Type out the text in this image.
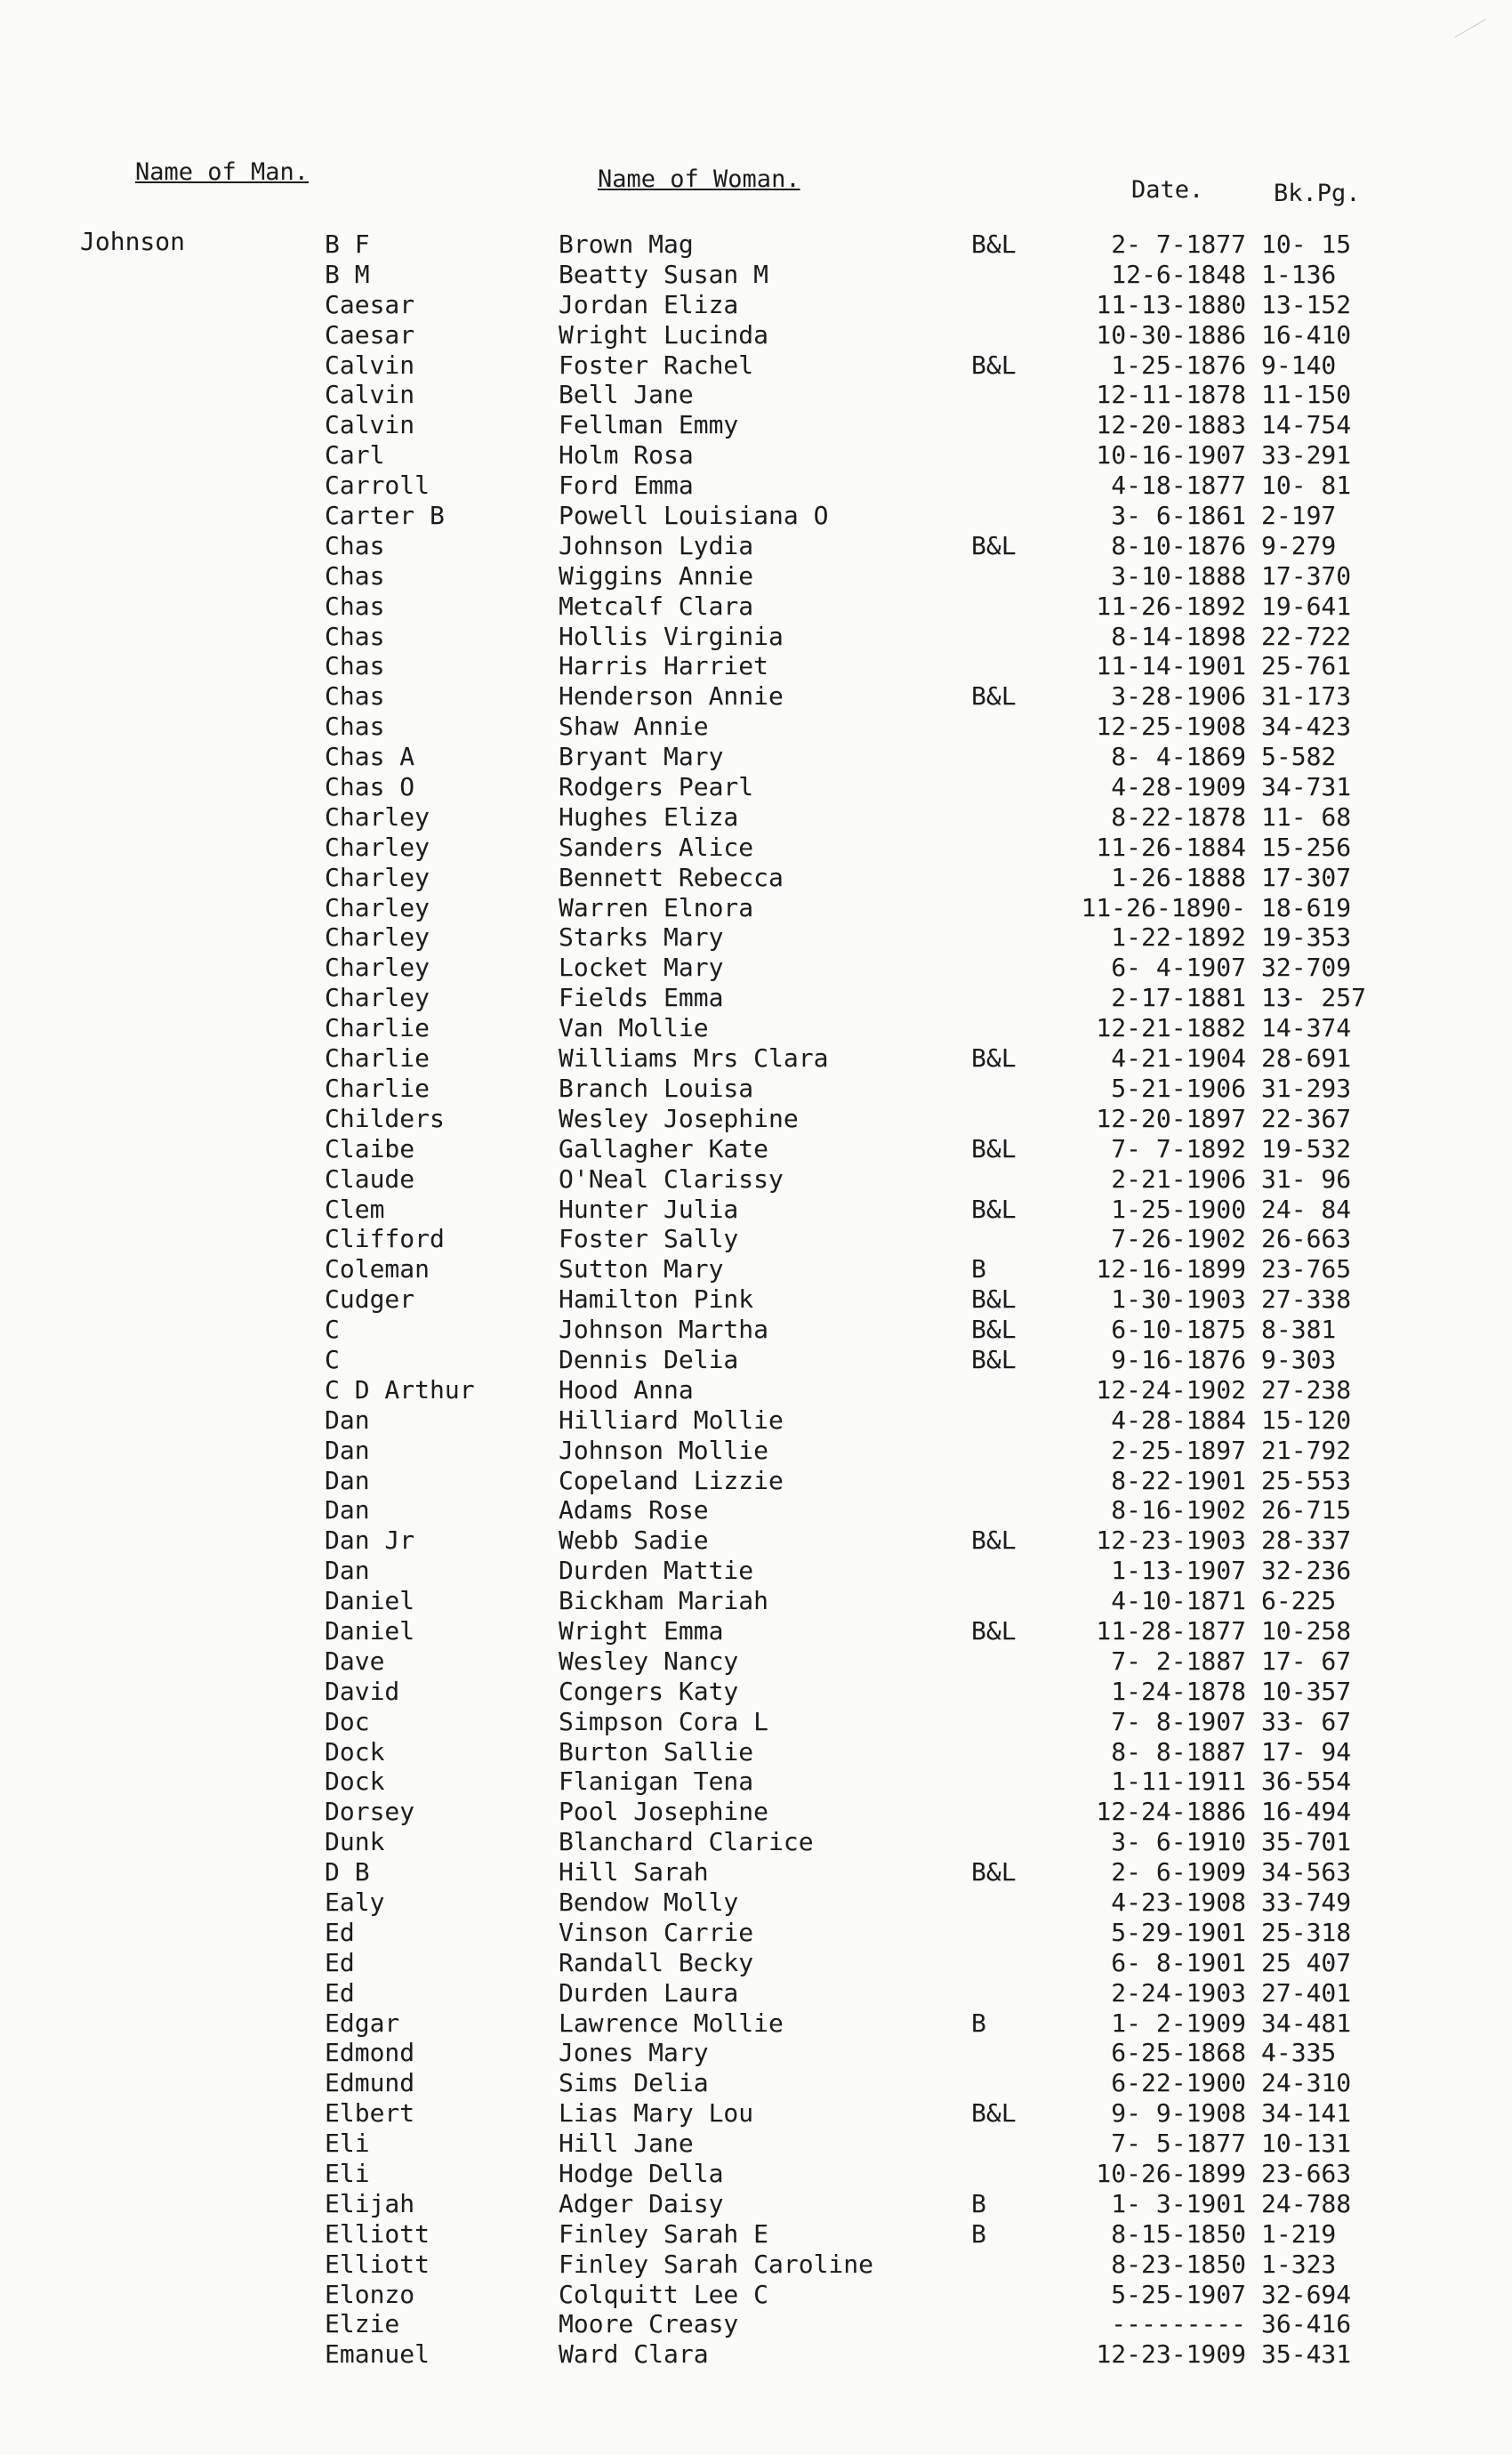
Name of Man.	Name of Woman.	Date.	Bk.Pg.
Johnson	B F	Brown Mag	B&L	2- 7-1877 10- 15
B M	Beatty Susan M	12-6-1848 1-136
Caesar	Jordan Eliza	11-13-1880 13-152
Caesar	Wright Lucinda	10-30-1886 16-410
Calvin	Foster Rachel	B&L	1-25-1876 9-140
Calvin	Bell Jane	12-11-1878 11-150
Calvin	Fellman Emmy	12-20-1883 14-754
Carl	Holm Rosa	10-16-1907 33-291
Carroll	Ford Emma	4-18-1877 10- 81
Carter B	Powell Louisiana O	3- 6-1861 2-197
Chas	Johnson Lydia	B&L	8-10-1876 9-279
Chas	Wiggins Annie	3-10-1888 17-370
Chas	Metcalf Clara	11-26-1892 19-641
Chas	Hollis Virginia	8-14-1898 22-722
Chas	Harris Harriet	11-14-1901 25-761
Chas	Henderson Annie	B&L	3-28-1906 31-173
Chas	Shaw Annie	12-25-1908 34-423
Chas A	Bryant Mary	8- 4-1869 5-582
Chas O	Rodgers Pearl	4-28-1909 34-731
Charley	Hughes Eliza	8-22-1878 11- 68
Charley	Sanders Alice	11-26-1884 15-256
Charley	Bennett Rebecca	1-26-1888 17-307
Charley	Warren Elnora	11-26-1890- 18-619
Charley	Starks Mary	1-22-1892 19-353
Charley	Locket Mary	6- 4-1907 32-709
Charley	Fields Emma	2-17-1881 13- 257
Charlie	Van Mollie	12-21-1882 14-374
Charlie	Williams Mrs Clara	B&L	4-21-1904 28-691
Charlie	Branch Louisa	5-21-1906 31-293
Childers	Wesley Josephine	12-20-1897 22-367
Claibe	Gallagher Kate	B&L	7- 7-1892 19-532
Claude	O'Neal Clarissy	2-21-1906 31- 96
Clem	Hunter Julia	B&L	1-25-1900 24- 84
Clifford	Foster Sally	7-26-1902 26-663
Coleman	Sutton Mary	B	12-16-1899 23-765
Cudger	Hamilton Pink	B&L	1-30-1903 27-338
C	Johnson Martha	B&L	6-10-1875 8-381
C	Dennis Delia	B&L	9-16-1876 9-303
C D Arthur	Hood Anna	12-24-1902 27-238
Dan	Hilliard Mollie	4-28-1884 15-120
Dan	Johnson Mollie	2-25-1897 21-792
Dan	Copeland Lizzie	8-22-1901 25-553
Dan	Adams Rose	8-16-1902 26-715
Dan Jr	Webb Sadie	B&L	12-23-1903 28-337
Dan	Durden Mattie	1-13-1907 32-236
Daniel	Bickham Mariah	4-10-1871 6-225
Daniel	Wright Emma	B&L	11-28-1877 10-258
Dave	Wesley Nancy	7- 2-1887 17- 67
David	Congers Katy	1-24-1878 10-357
Doc	Simpson Cora L	7- 8-1907 33- 67
Dock	Burton Sallie	8- 8-1887 17- 94
Dock	Flanigan Tena	1-11-1911 36-554
Dorsey	Pool Josephine	12-24-1886 16-494
Dunk	Blanchard Clarice	3- 6-1910 35-701
D B	Hill Sarah	B&L	2- 6-1909 34-563
Ealy	Bendow Molly	4-23-1908 33-749
Ed	Vinson Carrie	5-29-1901 25-318
Ed	Randall Becky	6- 8-1901 25 407
Ed	Durden Laura	2-24-1903 27-401
Edgar	Lawrence Mollie	B	1- 2-1909 34-481
Edmond	Jones Mary	6-25-1868 4-335
Edmund	Sims Delia	6-22-1900 24-310
Elbert	Lias Mary Lou	B&L	9- 9-1908 34-141
Eli	Hill Jane	7- 5-1877 10-131
Eli	Hodge Della	10-26-1899 23-663
Elijah	Adger Daisy	B	1- 3-1901 24-788
Elliott	Finley Sarah E	B	8-15-1850 1-219
Elliott	Finley Sarah Caroline	8-23-1850 1-323
Elonzo	Colquitt Lee C	5-25-1907 32-694
Elzie	Moore Creasy	--------- 36-416
Emanuel	Ward Clara	12-23-1909 35-431
